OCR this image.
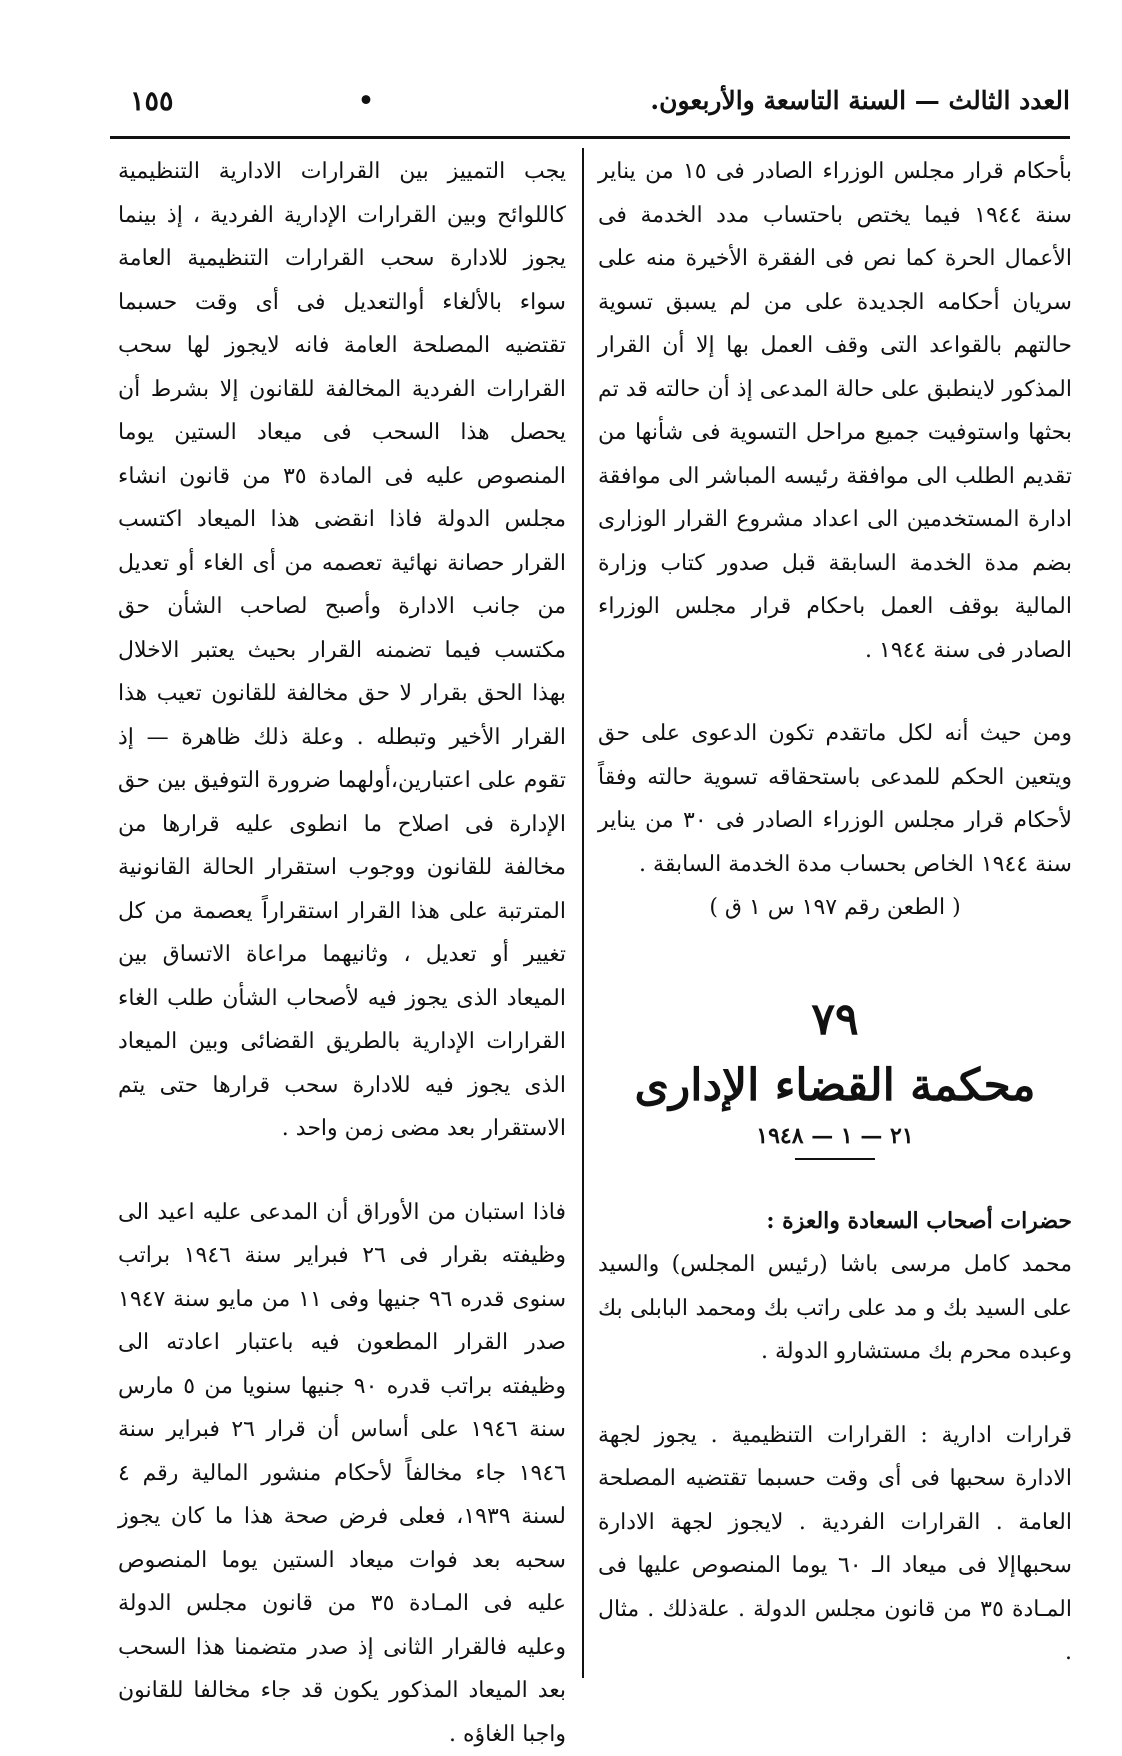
العدد الثالث — السنة التاسعة والأربعون.
•
١٥٥

بأحكام قرار مجلس الوزراء الصادر فى ١٥ من يناير سنة ١٩٤٤ فيما يختص باحتساب مدد الخدمة فى الأعمال الحرة كما نص فى الفقرة الأخيرة منه على سريان أحكامه الجديدة على من لم يسبق تسوية حالتهم بالقواعد التى وقف العمل بها إلا أن القرار المذكور لاينطبق على حالة المدعى إذ أن حالته قد تم بحثها واستوفيت جميع مراحل التسوية فى شأنها من تقديم الطلب الى موافقة رئيسه المباشر الى موافقة ادارة المستخدمين الى اعداد مشروع القرار الوزارى بضم مدة الخدمة السابقة قبل صدور كتاب وزارة المالية بوقف العمل باحكام قرار مجلس الوزراء الصادر فى سنة ١٩٤٤ .

ومن حيث أنه لكل ماتقدم تكون الدعوى على حق ويتعين الحكم للمدعى باستحقاقه تسوية حالته وفقاً لأحكام قرار مجلس الوزراء الصادر فى ٣٠ من يناير سنة ١٩٤٤ الخاص بحساب مدة الخدمة السابقة .

( الطعن رقم ١٩٧ س ١ ق )

٧٩
محكمة القضاء الإدارى
٢١ — ١ — ١٩٤٨

حضرات أصحاب السعادة والعزة :

محمد كامل مرسى باشا (رئيس المجلس) والسيد على السيد بك و مد على راتب بك ومحمد البابلى بك وعبده محرم بك مستشارو الدولة .

قرارات ادارية : القرارات التنظيمية . يجوز لجهة الادارة سحبها فى أى وقت حسبما تقتضيه المصلحة العامة . القرارات الفردية . لايجوز لجهة الادارة سحبهاإلا فى ميعاد الـ ٦٠ يوما المنصوص عليها فى المـادة ٣٥ من قانون مجلس الدولة . علةذلك . مثال .

يجب التمييز بين القرارات الادارية التنظيمية كاللوائح وبين القرارات الإدارية الفردية ، إذ بينما يجوز للادارة سحب القرارات التنظيمية العامة سواء بالألغاء أوالتعديل فى أى وقت حسبما تقتضيه المصلحة العامة فانه لايجوز لها سحب القرارات الفردية المخالفة للقانون إلا بشرط أن يحصل هذا السحب فى ميعاد الستين يوما المنصوص عليه فى المادة ٣٥ من قانون انشاء مجلس الدولة فاذا انقضى هذا الميعاد اكتسب القرار حصانة نهائية تعصمه من أى الغاء أو تعديل من جانب الادارة وأصبح لصاحب الشأن حق مكتسب فيما تضمنه القرار بحيث يعتبر الاخلال بهذا الحق بقرار لا حق مخالفة للقانون تعيب هذا القرار الأخير وتبطله . وعلة ذلك ظاهرة — إذ تقوم على اعتبارين،أولهما ضرورة التوفيق بين حق الإدارة فى اصلاح ما انطوى عليه قرارها من مخالفة للقانون ووجوب استقرار الحالة القانونية المترتبة على هذا القرار استقراراً يعصمة من كل تغيير أو تعديل ، وثانيهما مراعاة الاتساق بين الميعاد الذى يجوز فيه لأصحاب الشأن طلب الغاء القرارات الإدارية بالطريق القضائى وبين الميعاد الذى يجوز فيه للادارة سحب قرارها حتى يتم الاستقرار بعد مضى زمن واحد .

فاذا استبان من الأوراق أن المدعى عليه اعيد الى وظيفته بقرار فى ٢٦ فبراير سنة ١٩٤٦ براتب سنوى قدره ٩٦ جنيها وفى ١١ من مايو سنة ١٩٤٧ صدر القرار المطعون فيه باعتبار اعادته الى وظيفته براتب قدره ٩٠ جنيها سنويا من ٥ مارس سنة ١٩٤٦ على أساس أن قرار ٢٦ فبراير سنة ١٩٤٦ جاء مخالفاً لأحكام منشور المالية رقم ٤ لسنة ١٩٣٩، فعلى فرض صحة هذا ما كان يجوز سحبه بعد فوات ميعاد الستين يوما المنصوص عليه فى المـادة ٣٥ من قانون مجلس الدولة وعليه فالقرار الثانى إذ صدر متضمنا هذا السحب بعد الميعاد المذكور يكون قد جاء مخالفا للقانون واجبا الغاؤه .
